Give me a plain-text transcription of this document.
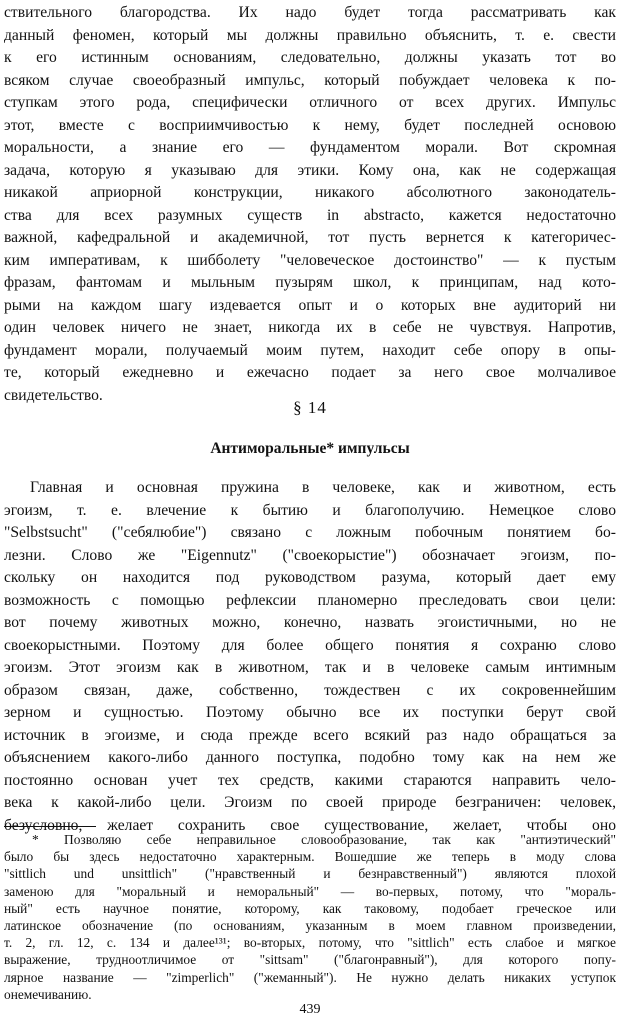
ствительного благородства. Их надо будет тогда рассматривать как
данный феномен, который мы должны правильно объяснить, т. е. свести
к его истинным основаниям, следовательно, должны указать тот во
всяком случае своеобразный импульс, который побуждает человека к по-
ступкам этого рода, специфически отличного от всех других. Импульс
этот, вместе с восприимчивостью к нему, будет последней основою
моральности, а знание его — фундаментом морали. Вот скромная
задача, которую я указываю для этики. Кому она, как не содержащая
никакой априорной конструкции, никакого абсолютного законодатель-
ства для всех разумных существ in abstracto, кажется недостаточно
важной, кафедральной и академичной, тот пусть вернется к категоричес-
ким императивам, к шибболету "человеческое достоинство" — к пустым
фразам, фантомам и мыльным пузырям школ, к принципам, над кото-
рыми на каждом шагу издевается опыт и о которых вне аудиторий ни
один человек ничего не знает, никогда их в себе не чувствуя. Напротив,
фундамент морали, получаемый моим путем, находит себе опору в опы-
те, который ежедневно и ежечасно подает за него свое молчаливое
свидетельство.
§ 14
Антиморальные* импульсы
Главная и основная пружина в человеке, как и животном, есть
эгоизм, т. е. влечение к бытию и благополучию. Немецкое слово
"Selbstsucht" ("себялюбие") связано с ложным побочным понятием бо-
лезни. Слово же "Eigennutz" ("своекорыстие") обозначает эгоизм, по-
скольку он находится под руководством разума, который дает ему
возможность с помощью рефлексии планомерно преследовать свои цели:
вот почему животных можно, конечно, назвать эгоистичными, но не
своекорыстными. Поэтому для более общего понятия я сохраню слово
эгоизм. Этот эгоизм как в животном, так и в человеке самым интимным
образом связан, даже, собственно, тождествен с их сокровеннейшим
зерном и сущностью. Поэтому обычно все их поступки берут свой
источник в эгоизме, и сюда прежде всего всякий раз надо обращаться за
объяснением какого-либо данного поступка, подобно тому как на нем же
постоянно основан учет тех средств, какими стараются направить чело-
века к какой-либо цели. Эгоизм по своей природе безграничен: человек,
безусловно, желает сохранить свое существование, желает, чтобы оно
* Позволяю себе неправильное словообразование, так как "антиэтический"
было бы здесь недостаточно характерным. Вошедшие же теперь в моду слова
"sittlich und unsittlich" ("нравственный и безнравственный") являются плохой
заменою для "моральный и неморальный" — во-первых, потому, что "мораль-
ный" есть научное понятие, которому, как таковому, подобает греческое или
латинское обозначение (по основаниям, указанным в моем главном произведении,
т. 2, гл. 12, с. 134 и далее¹³¹; во-вторых, потому, что "sittlich" есть слабое и мягкое
выражение, трудноотличимое от "sittsam" ("благонравный"), для которого попу-
лярное название — "zimperlich" ("жеманный"). Не нужно делать никаких уступок
онемечиванию.
439
